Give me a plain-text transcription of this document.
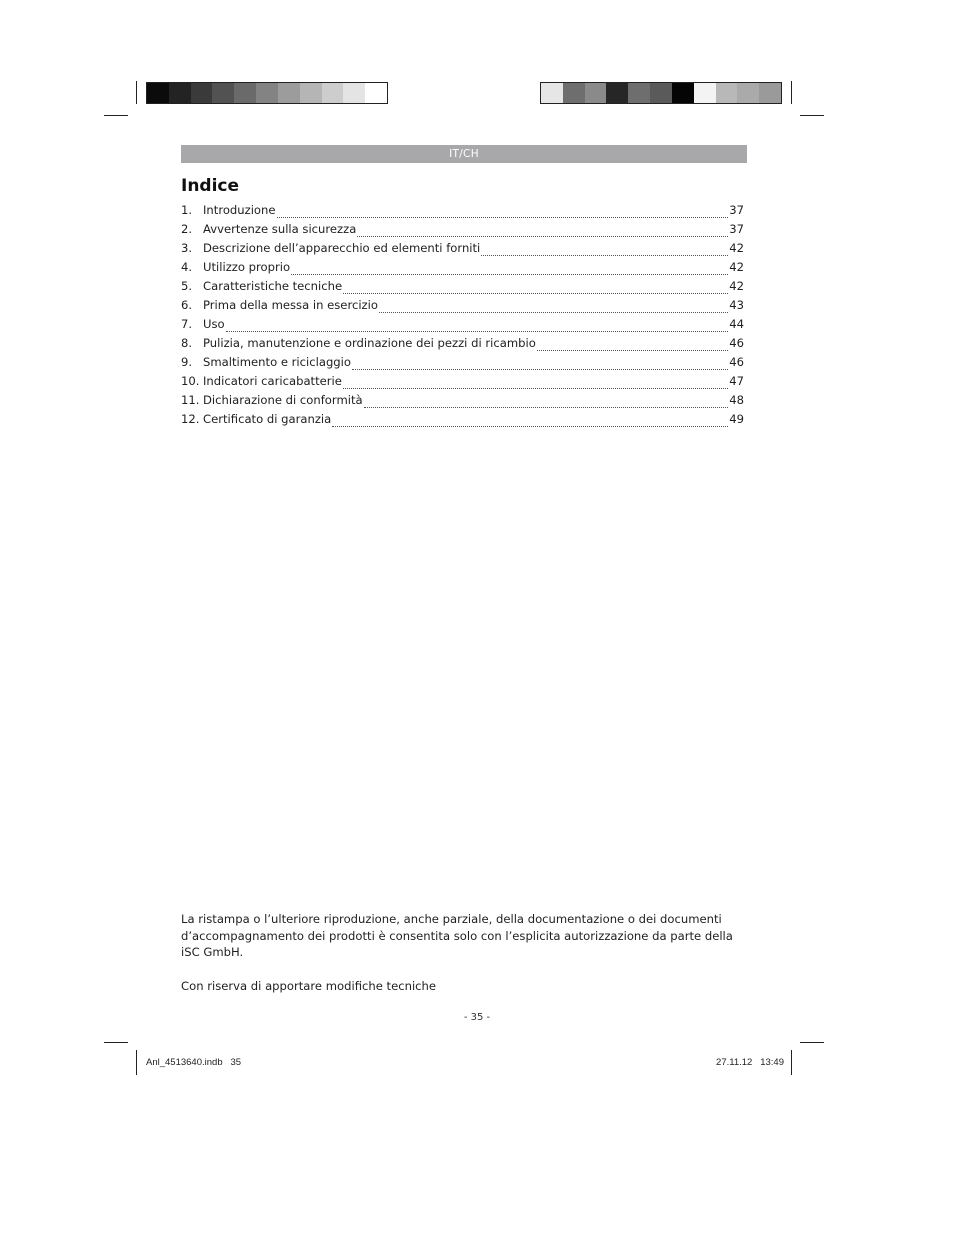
IT/CH
Indice
1. Introduzione	37
2. Avvertenze sulla sicurezza	37
3. Descrizione dell’apparecchio ed elementi forniti	42
4. Utilizzo proprio	42
5. Caratteristiche tecniche	42
6. Prima della messa in esercizio	43
7. Uso	44
8. Pulizia, manutenzione e ordinazione dei pezzi di ricambio	46
9. Smaltimento e riciclaggio	46
10. Indicatori caricabatterie	47
11. Dichiarazione di conformità	48
12. Certificato di garanzia	49

La ristampa o l’ulteriore riproduzione, anche parziale, della documentazione o dei documenti

d’accompagnamento dei prodotti è consentita solo con l’esplicita autorizzazione da parte della

iSC GmbH.

Con riserva di apportare modifiche tecniche

- 35 -
Anl_4513640.indb   35	27.11.12   13:49
